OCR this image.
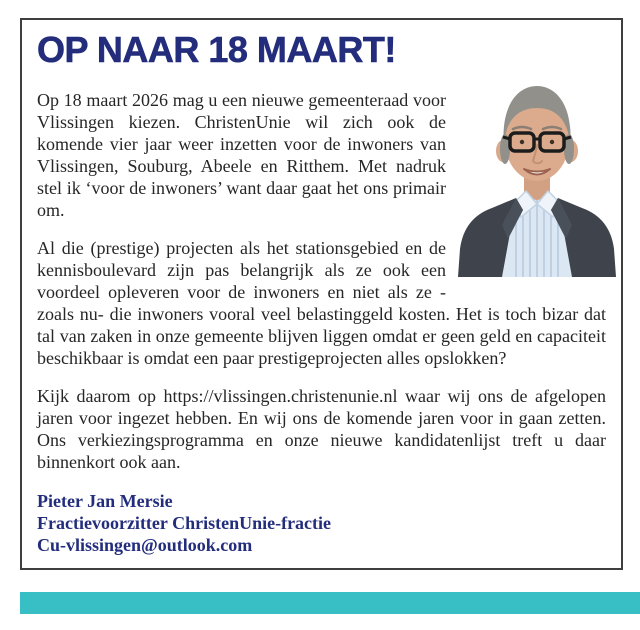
OP NAAR 18 MAART!

Op 18 maart 2026 mag u een nieuwe gemeenteraad voor Vlissingen kiezen. ChristenUnie wil zich ook de komende vier jaar weer inzetten voor de inwoners van Vlissingen, Souburg, Abeele en Ritthem. Met nadruk stel ik ‘voor de inwoners’ want daar gaat het ons primair om.

Al die (prestige) projecten als het stationsgebied en de kennisboulevard zijn pas belangrijk als ze ook een voordeel opleveren voor de inwoners en niet als ze -zoals nu- die inwoners vooral veel belastinggeld kosten. Het is toch bizar dat tal van zaken in onze gemeente blijven liggen omdat er geen geld en capaciteit beschikbaar is omdat een paar prestigeprojecten alles opslokken?

Kijk daarom op https://vlissingen.christenunie.nl waar wij ons de afgelopen jaren voor ingezet hebben. En wij ons de komende jaren voor in gaan zetten. Ons verkiezingsprogramma en onze nieuwe kandidatenlijst treft u daar binnenkort ook aan.

Pieter Jan Mersie
Fractievoorzitter ChristenUnie-fractie
Cu-vlissingen@outlook.com
